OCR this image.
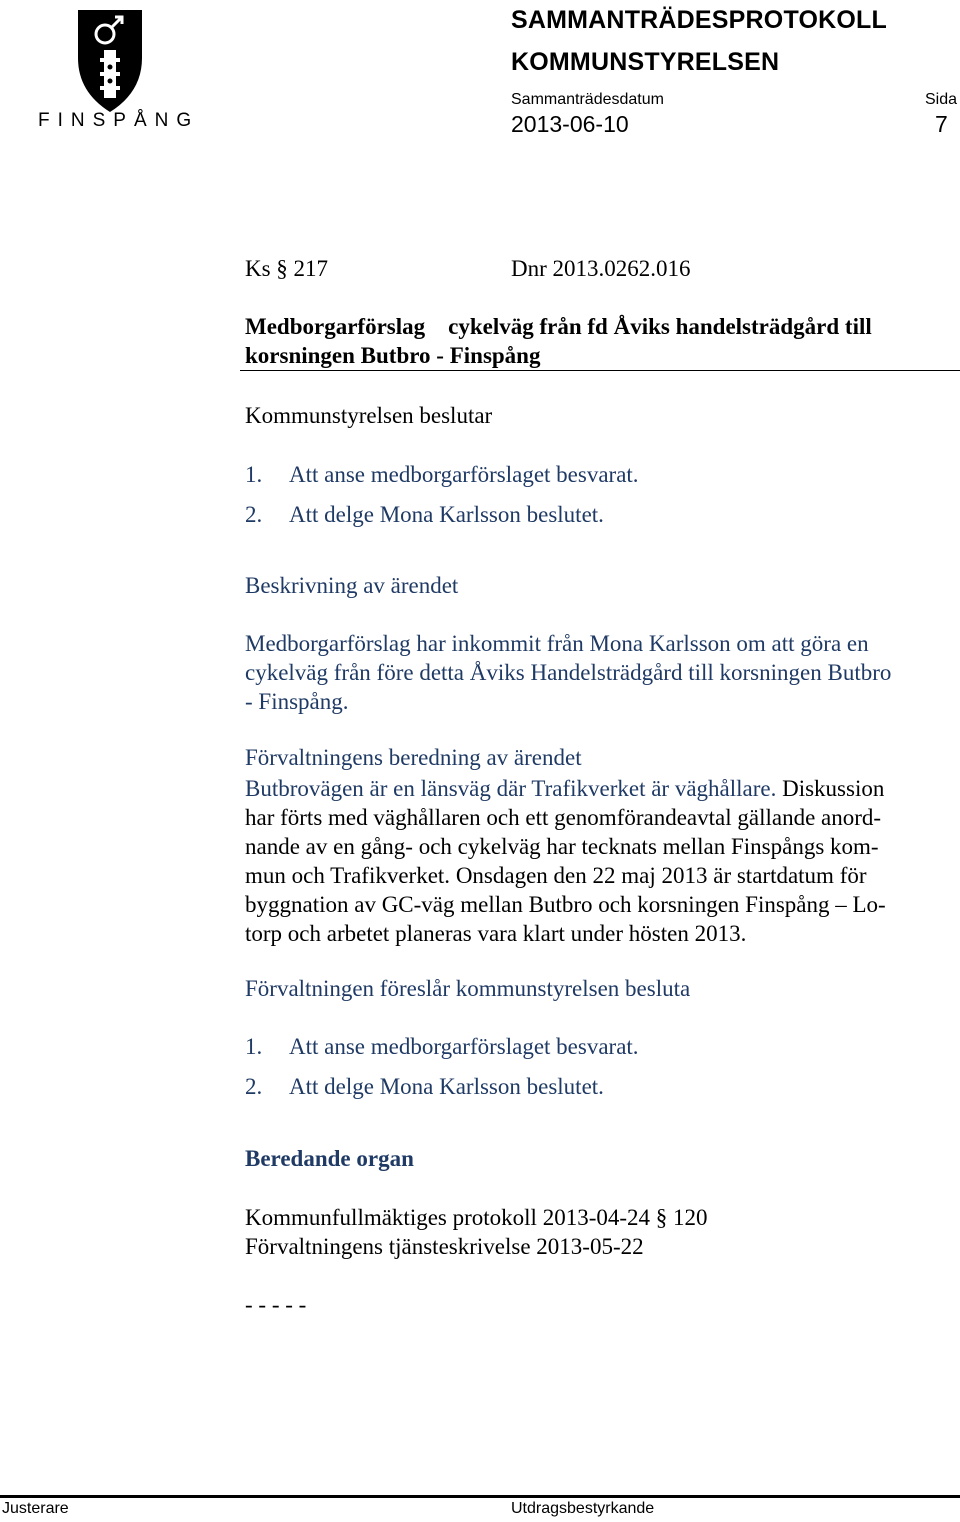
FINSPÅNG
SAMMANTRÄDESPROTOKOLL
KOMMUNSTYRELSEN
Sammanträdesdatum	Sida
2013-06-10	7
Ks § 217	Dnr 2013.0262.016
Medborgarförslag    cykelväg från fd Åviks handelsträdgård till
korsningen Butbro - Finspång
Kommunstyrelsen beslutar
1. Att anse medborgarförslaget besvarat.
2. Att delge Mona Karlsson beslutet.
Beskrivning av ärendet
Medborgarförslag har inkommit från Mona Karlsson om att göra en
cykelväg från före detta Åviks Handelsträdgård till korsningen Butbro
- Finspång.
Förvaltningens beredning av ärendet
Butbrovägen är en länsväg där Trafikverket är väghållare. Diskussion
har förts med väghållaren och ett genomförandeavtal gällande anord-
nande av en gång- och cykelväg har tecknats mellan Finspångs kom-
mun och Trafikverket. Onsdagen den 22 maj 2013 är startdatum för
byggnation av GC-väg mellan Butbro och korsningen Finspång – Lo-
torp och arbetet planeras vara klart under hösten 2013.
Förvaltningen föreslår kommunstyrelsen besluta
1. Att anse medborgarförslaget besvarat.
2. Att delge Mona Karlsson beslutet.
Beredande organ
Kommunfullmäktiges protokoll 2013-04-24 § 120
Förvaltningens tjänsteskrivelse 2013-05-22
- - - - -
Justerare	Utdragsbestyrkande
